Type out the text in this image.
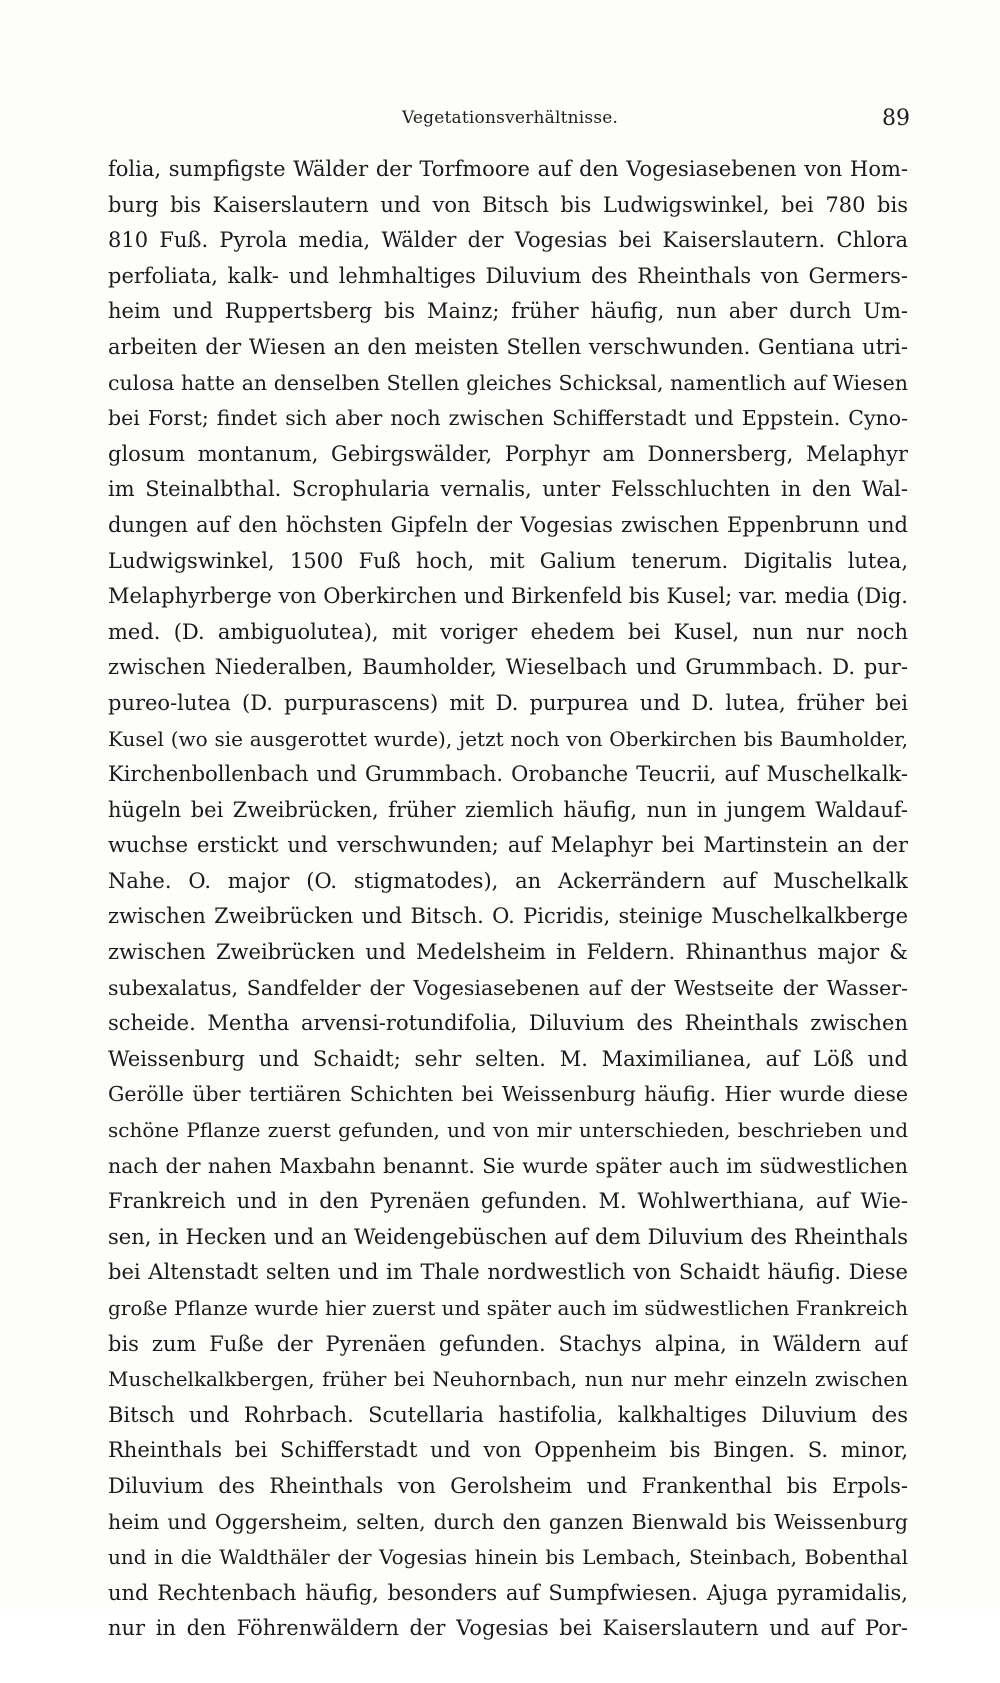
Vegetationsverhältnisse.	89
folia, sumpfigste Wälder der Torfmoore auf den Vogesiasebenen von Hom-
burg bis Kaiserslautern und von Bitsch bis Ludwigswinkel, bei 780 bis
810 Fuß. Pyrola media, Wälder der Vogesias bei Kaiserslautern. Chlora
perfoliata, kalk- und lehmhaltiges Diluvium des Rheinthals von Germers-
heim und Ruppertsberg bis Mainz; früher häufig, nun aber durch Um-
arbeiten der Wiesen an den meisten Stellen verschwunden. Gentiana utri-
culosa hatte an denselben Stellen gleiches Schicksal, namentlich auf Wiesen
bei Forst; findet sich aber noch zwischen Schifferstadt und Eppstein. Cyno-
glosum montanum, Gebirgswälder, Porphyr am Donnersberg, Melaphyr
im Steinalbthal. Scrophularia vernalis, unter Felsschluchten in den Wal-
dungen auf den höchsten Gipfeln der Vogesias zwischen Eppenbrunn und
Ludwigswinkel, 1500 Fuß hoch, mit Galium tenerum. Digitalis lutea,
Melaphyrberge von Oberkirchen und Birkenfeld bis Kusel; var. media (Dig.
med. (D. ambiguolutea), mit voriger ehedem bei Kusel, nun nur noch
zwischen Niederalben, Baumholder, Wieselbach und Grummbach. D. pur-
pureo-lutea (D. purpurascens) mit D. purpurea und D. lutea, früher bei
Kusel (wo sie ausgerottet wurde), jetzt noch von Oberkirchen bis Baumholder,
Kirchenbollenbach und Grummbach. Orobanche Teucrii, auf Muschelkalk-
hügeln bei Zweibrücken, früher ziemlich häufig, nun in jungem Waldauf-
wuchse erstickt und verschwunden; auf Melaphyr bei Martinstein an der
Nahe. O. major (O. stigmatodes), an Ackerrändern auf Muschelkalk
zwischen Zweibrücken und Bitsch. O. Picridis, steinige Muschelkalkberge
zwischen Zweibrücken und Medelsheim in Feldern. Rhinanthus major &
subexalatus, Sandfelder der Vogesiasebenen auf der Westseite der Wasser-
scheide. Mentha arvensi-rotundifolia, Diluvium des Rheinthals zwischen
Weissenburg und Schaidt; sehr selten. M. Maximilianea, auf Löß und
Gerölle über tertiären Schichten bei Weissenburg häufig. Hier wurde diese
schöne Pflanze zuerst gefunden, und von mir unterschieden, beschrieben und
nach der nahen Maxbahn benannt. Sie wurde später auch im südwestlichen
Frankreich und in den Pyrenäen gefunden. M. Wohlwerthiana, auf Wie-
sen, in Hecken und an Weidengebüschen auf dem Diluvium des Rheinthals
bei Altenstadt selten und im Thale nordwestlich von Schaidt häufig. Diese
große Pflanze wurde hier zuerst und später auch im südwestlichen Frankreich
bis zum Fuße der Pyrenäen gefunden. Stachys alpina, in Wäldern auf
Muschelkalkbergen, früher bei Neuhornbach, nun nur mehr einzeln zwischen
Bitsch und Rohrbach. Scutellaria hastifolia, kalkhaltiges Diluvium des
Rheinthals bei Schifferstadt und von Oppenheim bis Bingen. S. minor,
Diluvium des Rheinthals von Gerolsheim und Frankenthal bis Erpols-
heim und Oggersheim, selten, durch den ganzen Bienwald bis Weissenburg
und in die Waldthäler der Vogesias hinein bis Lembach, Steinbach, Bobenthal
und Rechtenbach häufig, besonders auf Sumpfwiesen. Ajuga pyramidalis,
nur in den Föhrenwäldern der Vogesias bei Kaiserslautern und auf Por-
